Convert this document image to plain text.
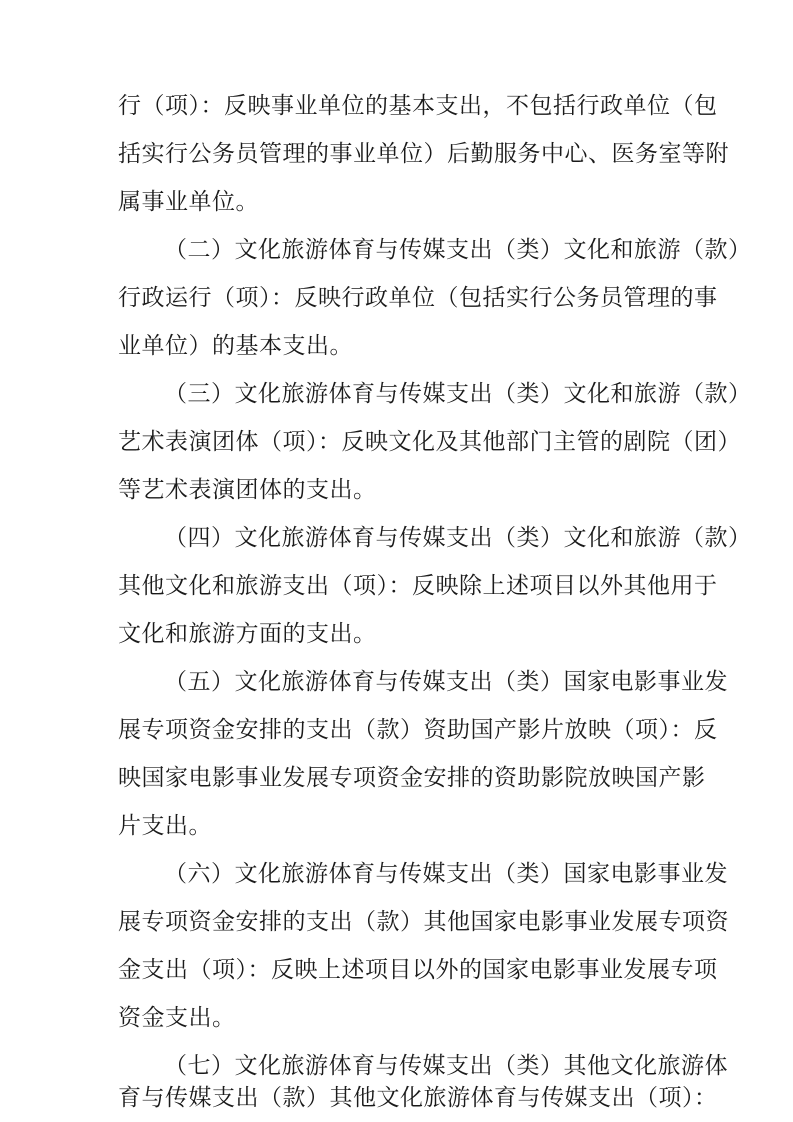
行（项）：反映事业单位的基本支出，不包括行政单位（包
括实行公务员管理的事业单位）后勤服务中心、医务室等附
属事业单位。
（二）文化旅游体育与传媒支出（类）文化和旅游（款）
行政运行（项）：反映行政单位（包括实行公务员管理的事
业单位）的基本支出。
（三）文化旅游体育与传媒支出（类）文化和旅游（款）
艺术表演团体（项）：反映文化及其他部门主管的剧院（团）
等艺术表演团体的支出。
（四）文化旅游体育与传媒支出（类）文化和旅游（款）
其他文化和旅游支出（项）：反映除上述项目以外其他用于
文化和旅游方面的支出。
（五）文化旅游体育与传媒支出（类）国家电影事业发
展专项资金安排的支出（款）资助国产影片放映（项）：反
映国家电影事业发展专项资金安排的资助影院放映国产影
片支出。
（六）文化旅游体育与传媒支出（类）国家电影事业发
展专项资金安排的支出（款）其他国家电影事业发展专项资
金支出（项）：反映上述项目以外的国家电影事业发展专项
资金支出。
（七）文化旅游体育与传媒支出（类）其他文化旅游体
育与传媒支出（款）其他文化旅游体育与传媒支出（项）：
